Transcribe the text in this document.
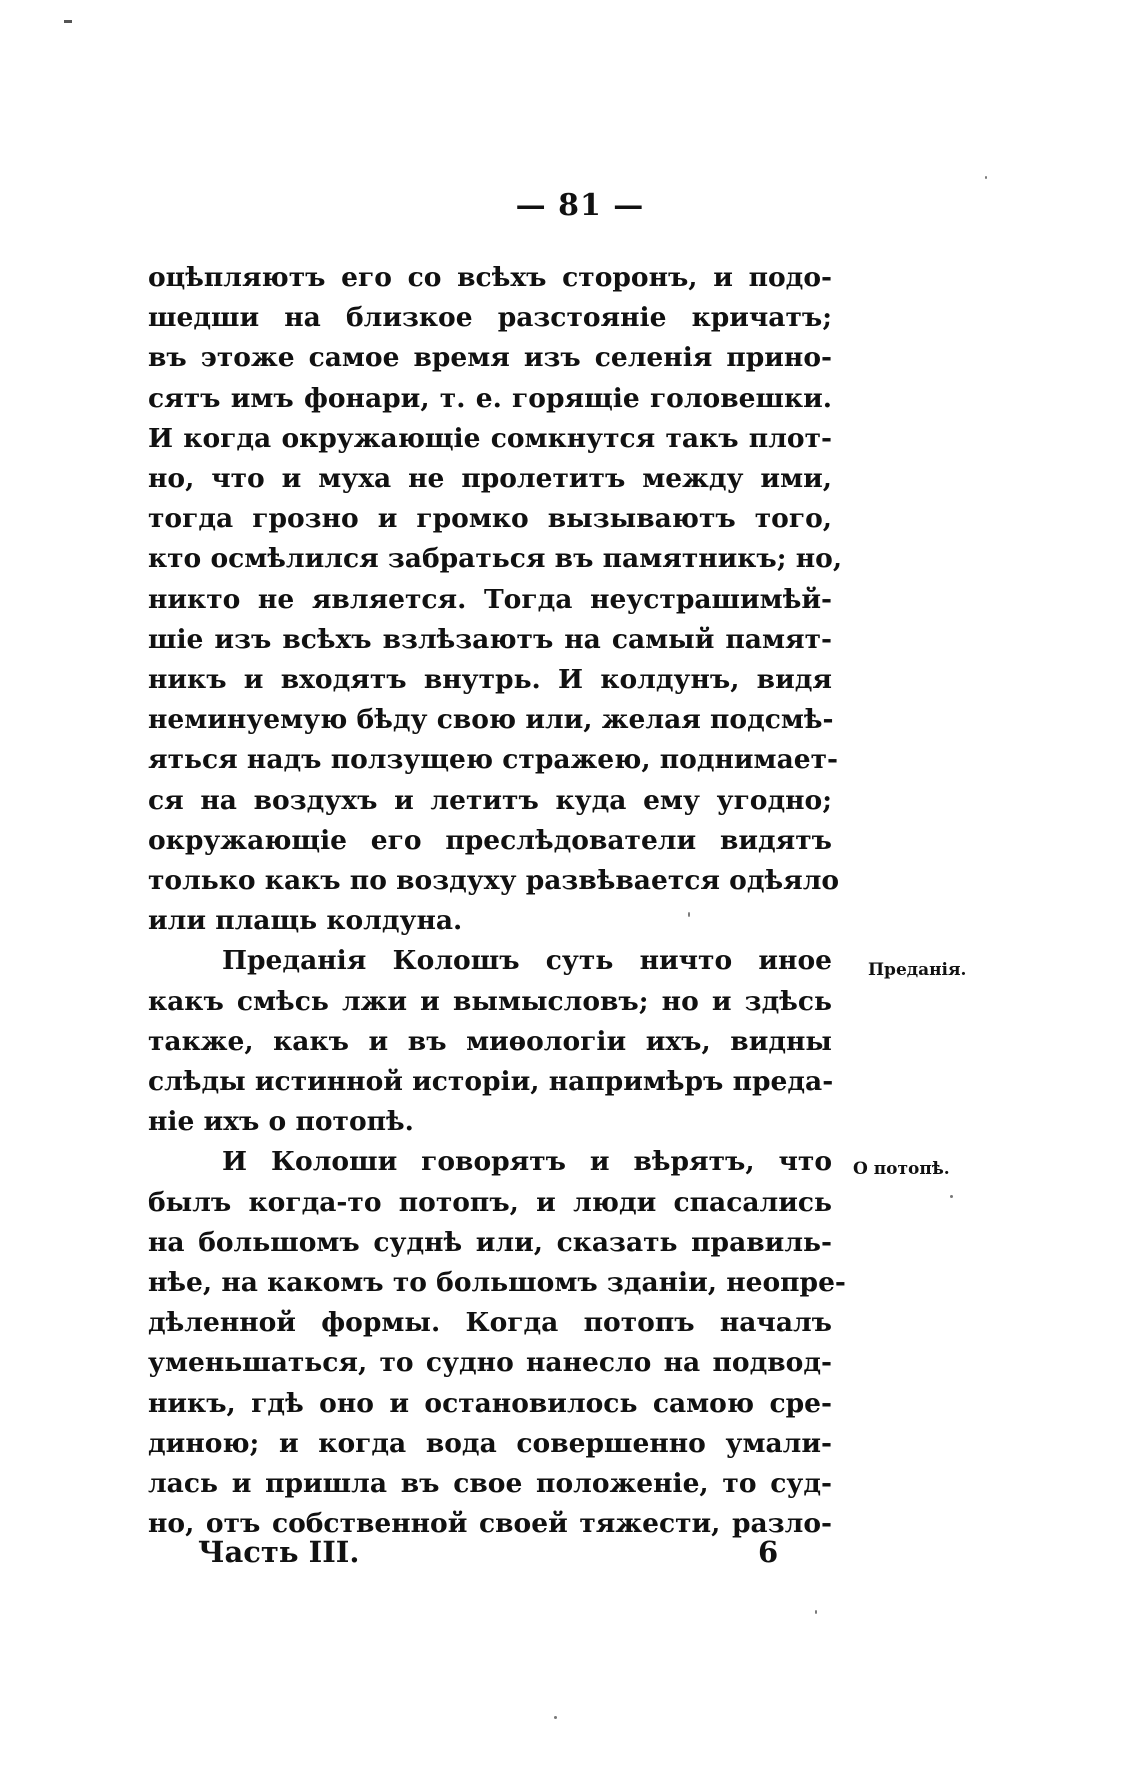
— 81 —
оцѣпляютъ его со всѣхъ сторонъ, и подо-
шедши на близкое разстояніе кричатъ;
въ этоже самое время изъ селенія прино-
сятъ имъ фонари, т. е. горящіе головешки.
И когда окружающіе сомкнутся такъ плот-
но, что и муха не пролетитъ между ими,
тогда грозно и громко вызываютъ того,
кто осмѣлился забраться въ памятникъ; но,
никто не является. Тогда неустрашимѣй-
шіе изъ всѣхъ взлѣзаютъ на самый памят-
никъ и входятъ внутрь. И колдунъ, видя
неминуемую бѣду свою или, желая подсмѣ-
яться надъ ползущею стражею, поднимает-
ся на воздухъ и летитъ куда ему угодно;
окружающіе его преслѣдователи видятъ
только какъ по воздуху развѣвается одѣяло
или плащь колдуна.
Преданія Колошъ суть ничто иное
какъ смѣсь лжи и вымысловъ; но и здѣсь
также, какъ и въ миѳологіи ихъ, видны
слѣды истинной исторіи, напримѣръ преда-
ніе ихъ о потопѣ.
И Колоши говорятъ и вѣрятъ, что
былъ когда-то потопъ, и люди спасались
на большомъ суднѣ или, сказать правиль-
нѣе, на какомъ то большомъ зданіи, неопре-
дѣленной формы. Когда потопъ началъ
уменьшаться, то судно нанесло на подвод-
никъ, гдѣ оно и остановилось самою сре-
диною; и когда вода совершенно умали-
лась и пришла въ свое положеніе, то суд-
но, отъ собственной своей тяжести, разло-
Преданія.
О потопѣ.
Часть III.	6
